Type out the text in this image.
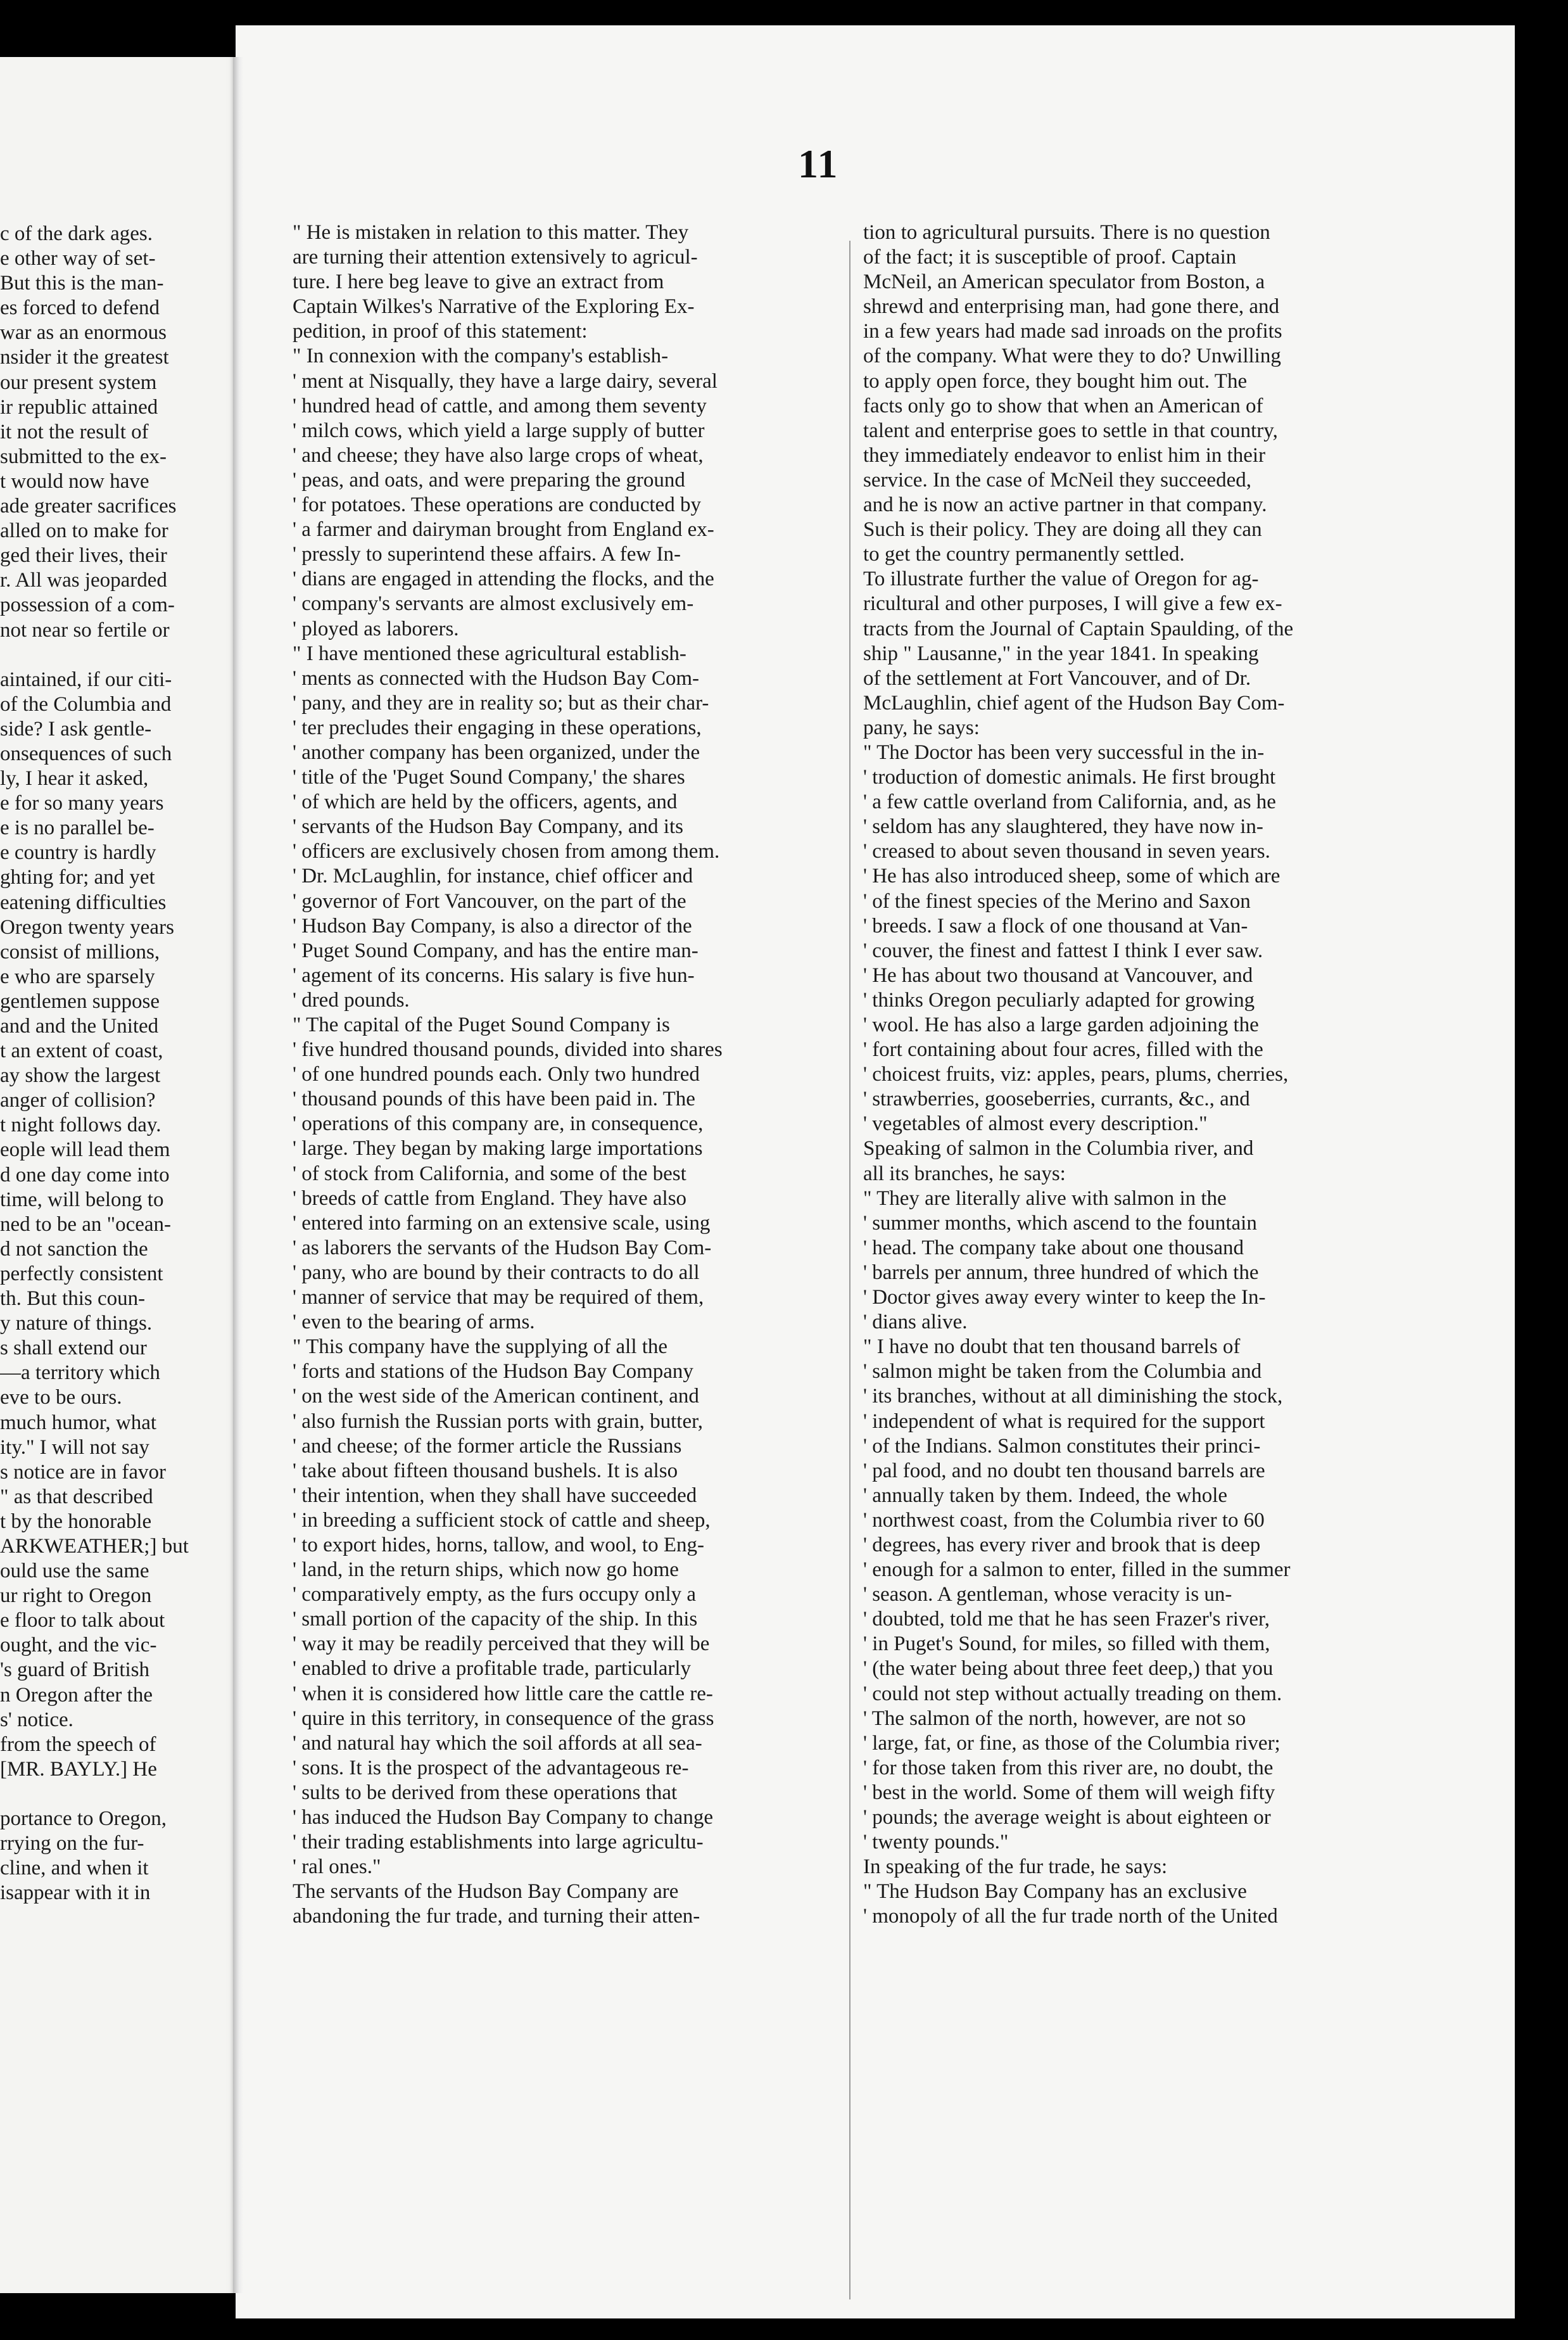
c of the dark ages.
e other way of set-
But this is the man-
es forced to defend
war as an enormous
nsider it the greatest
our present system
ir republic attained
it not the result of
submitted to the ex-
t would now have
ade greater sacrifices
alled on to make for
ged their lives, their
r. All was jeoparded
possession of a com-
not near so fertile or

aintained, if our citi-
of the Columbia and
side? I ask gentle-
onsequences of such
ly, I hear it asked,
e for so many years
e is no parallel be-
e country is hardly
ghting for; and yet
eatening difficulties
Oregon twenty years
consist of millions,
e who are sparsely
gentlemen suppose
and and the United
t an extent of coast,
ay show the largest
anger of collision?
t night follows day.
eople will lead them
d one day come into
time, will belong to
ned to be an "ocean-
d not sanction the
perfectly consistent
th. But this coun-
y nature of things.
s shall extend our
—a territory which
eve to be ours.
much humor, what
ity." I will not say
s notice are in favor
" as that described
t by the honorable
ARKWEATHER;] but
ould use the same
ur right to Oregon
e floor to talk about
ought, and the vic-
's guard of British
n Oregon after the
s' notice.
from the speech of
[MR. BAYLY.] He

portance to Oregon,
rrying on the fur-
cline, and when it
isappear with it in
11
" He is mistaken in relation to this matter. They
are turning their attention extensively to agricul-
ture. I here beg leave to give an extract from
Captain Wilkes's Narrative of the Exploring Ex-
pedition, in proof of this statement:
" In connexion with the company's establish-
' ment at Nisqually, they have a large dairy, several
' hundred head of cattle, and among them seventy
' milch cows, which yield a large supply of butter
' and cheese; they have also large crops of wheat,
' peas, and oats, and were preparing the ground
' for potatoes. These operations are conducted by
' a farmer and dairyman brought from England ex-
' pressly to superintend these affairs. A few In-
' dians are engaged in attending the flocks, and the
' company's servants are almost exclusively em-
' ployed as laborers.
" I have mentioned these agricultural establish-
' ments as connected with the Hudson Bay Com-
' pany, and they are in reality so; but as their char-
' ter precludes their engaging in these operations,
' another company has been organized, under the
' title of the 'Puget Sound Company,' the shares
' of which are held by the officers, agents, and
' servants of the Hudson Bay Company, and its
' officers are exclusively chosen from among them.
' Dr. McLaughlin, for instance, chief officer and
' governor of Fort Vancouver, on the part of the
' Hudson Bay Company, is also a director of the
' Puget Sound Company, and has the entire man-
' agement of its concerns. His salary is five hun-
' dred pounds.
" The capital of the Puget Sound Company is
' five hundred thousand pounds, divided into shares
' of one hundred pounds each. Only two hundred
' thousand pounds of this have been paid in. The
' operations of this company are, in consequence,
' large. They began by making large importations
' of stock from California, and some of the best
' breeds of cattle from England. They have also
' entered into farming on an extensive scale, using
' as laborers the servants of the Hudson Bay Com-
' pany, who are bound by their contracts to do all
' manner of service that may be required of them,
' even to the bearing of arms.
" This company have the supplying of all the
' forts and stations of the Hudson Bay Company
' on the west side of the American continent, and
' also furnish the Russian ports with grain, butter,
' and cheese; of the former article the Russians
' take about fifteen thousand bushels. It is also
' their intention, when they shall have succeeded
' in breeding a sufficient stock of cattle and sheep,
' to export hides, horns, tallow, and wool, to Eng-
' land, in the return ships, which now go home
' comparatively empty, as the furs occupy only a
' small portion of the capacity of the ship. In this
' way it may be readily perceived that they will be
' enabled to drive a profitable trade, particularly
' when it is considered how little care the cattle re-
' quire in this territory, in consequence of the grass
' and natural hay which the soil affords at all sea-
' sons. It is the prospect of the advantageous re-
' sults to be derived from these operations that
' has induced the Hudson Bay Company to change
' their trading establishments into large agricultu-
' ral ones."
The servants of the Hudson Bay Company are
abandoning the fur trade, and turning their atten-
tion to agricultural pursuits. There is no question
of the fact; it is susceptible of proof. Captain
McNeil, an American speculator from Boston, a
shrewd and enterprising man, had gone there, and
in a few years had made sad inroads on the profits
of the company. What were they to do? Unwilling
to apply open force, they bought him out. The
facts only go to show that when an American of
talent and enterprise goes to settle in that country,
they immediately endeavor to enlist him in their
service. In the case of McNeil they succeeded,
and he is now an active partner in that company.
Such is their policy. They are doing all they can
to get the country permanently settled.
To illustrate further the value of Oregon for ag-
ricultural and other purposes, I will give a few ex-
tracts from the Journal of Captain Spaulding, of the
ship " Lausanne," in the year 1841. In speaking
of the settlement at Fort Vancouver, and of Dr.
McLaughlin, chief agent of the Hudson Bay Com-
pany, he says:
" The Doctor has been very successful in the in-
' troduction of domestic animals. He first brought
' a few cattle overland from California, and, as he
' seldom has any slaughtered, they have now in-
' creased to about seven thousand in seven years.
' He has also introduced sheep, some of which are
' of the finest species of the Merino and Saxon
' breeds. I saw a flock of one thousand at Van-
' couver, the finest and fattest I think I ever saw.
' He has about two thousand at Vancouver, and
' thinks Oregon peculiarly adapted for growing
' wool. He has also a large garden adjoining the
' fort containing about four acres, filled with the
' choicest fruits, viz: apples, pears, plums, cherries,
' strawberries, gooseberries, currants, &c., and
' vegetables of almost every description."
Speaking of salmon in the Columbia river, and
all its branches, he says:
" They are literally alive with salmon in the
' summer months, which ascend to the fountain
' head. The company take about one thousand
' barrels per annum, three hundred of which the
' Doctor gives away every winter to keep the In-
' dians alive.
" I have no doubt that ten thousand barrels of
' salmon might be taken from the Columbia and
' its branches, without at all diminishing the stock,
' independent of what is required for the support
' of the Indians. Salmon constitutes their princi-
' pal food, and no doubt ten thousand barrels are
' annually taken by them. Indeed, the whole
' northwest coast, from the Columbia river to 60
' degrees, has every river and brook that is deep
' enough for a salmon to enter, filled in the summer
' season. A gentleman, whose veracity is un-
' doubted, told me that he has seen Frazer's river,
' in Puget's Sound, for miles, so filled with them,
' (the water being about three feet deep,) that you
' could not step without actually treading on them.
' The salmon of the north, however, are not so
' large, fat, or fine, as those of the Columbia river;
' for those taken from this river are, no doubt, the
' best in the world. Some of them will weigh fifty
' pounds; the average weight is about eighteen or
' twenty pounds."
In speaking of the fur trade, he says:
" The Hudson Bay Company has an exclusive
' monopoly of all the fur trade north of the United
